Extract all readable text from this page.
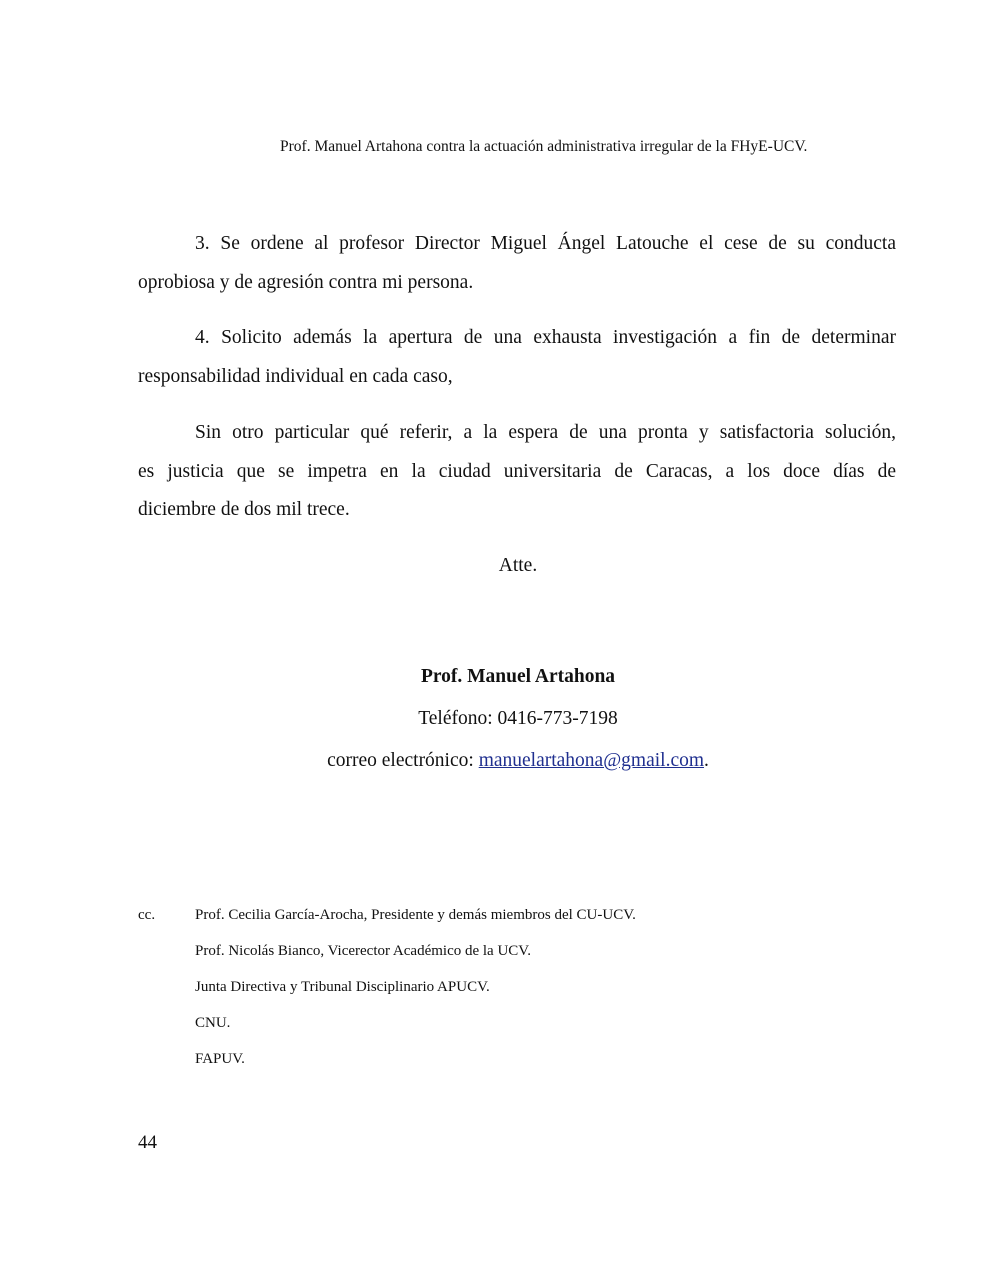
Prof. Manuel Artahona contra la actuación administrativa irregular de la FHyE-UCV.
3. Se ordene al profesor Director Miguel Ángel Latouche el cese de su conducta
oprobiosa y de agresión contra mi persona.
4. Solicito además la apertura de una exhausta investigación a fin de determinar
responsabilidad individual en cada caso,
Sin otro particular qué referir, a la espera de una pronta y satisfactoria solución,
es justicia que se impetra en la ciudad universitaria de Caracas, a los doce días de
diciembre de dos mil trece.
Atte.
Prof. Manuel Artahona
Teléfono: 0416-773-7198
correo electrónico: manuelartahona@gmail.com.
cc.	Prof. Cecilia García-Arocha, Presidente y demás miembros del CU-UCV.
Prof. Nicolás Bianco, Vicerector Académico de la UCV.
Junta Directiva y Tribunal Disciplinario APUCV.
CNU.
FAPUV.
44
